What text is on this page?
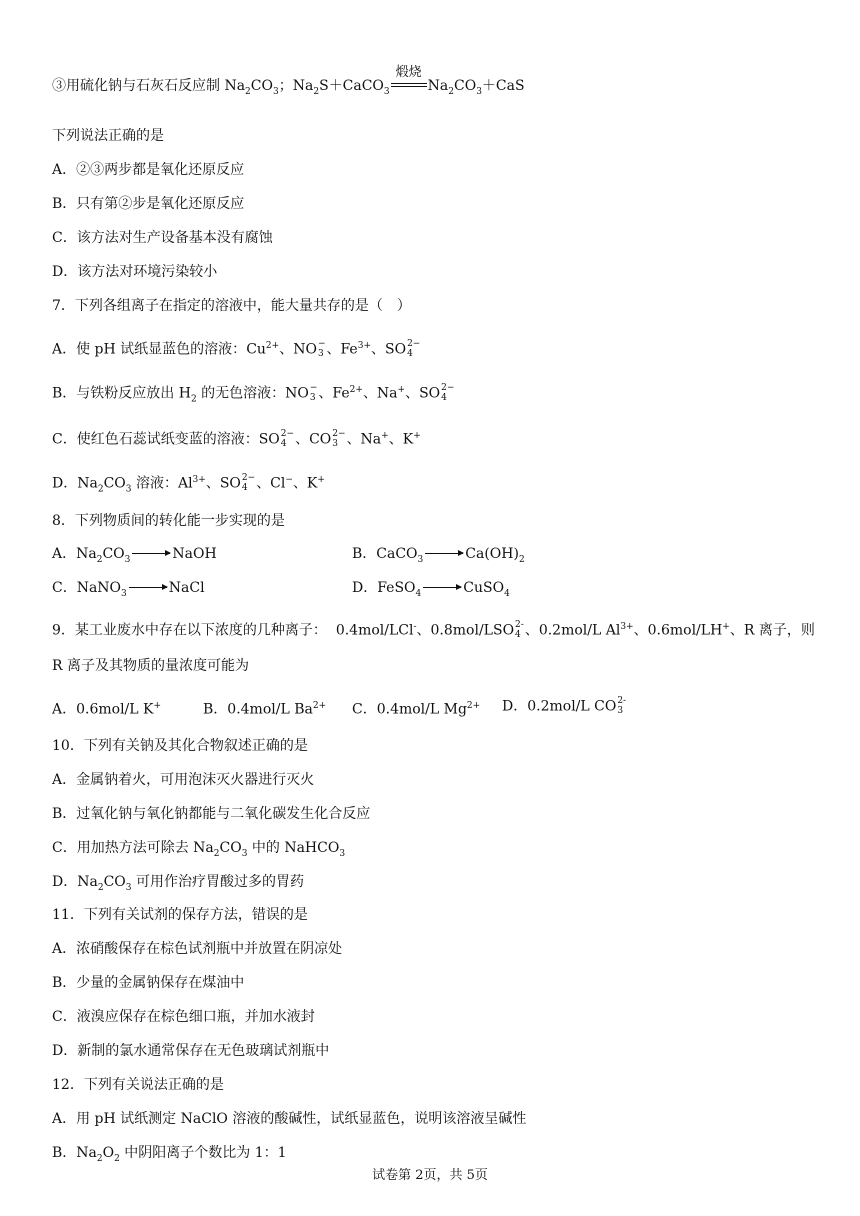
③用硫化钠与石灰石反应制 $Na_2CO_3$；$Na_2S+CaCO_3$
煅烧
$Na_2CO_3+CaS$
下列说法正确的是
A．②③两步都是氧化还原反应
B．只有第②步是氧化还原反应
C．该方法对生产设备基本没有腐蚀
D．该方法对环境污染较小
7．下列各组离子在指定的溶液中，能大量共存的是（　）
A．使 pH 试纸显蓝色的溶液：$Cu^{2+}$、NO −
3 、$Fe^{3+}$、SO 2−
4
B．与铁粉反应放出 $H_2$ 的无色溶液：NO −
3 、$Fe^{2+}$、Na+、SO 2−
4
C．使红色石蕊试纸变蓝的溶液：SO 2−
4 、CO 2−
3 、Na+、K+
D．$Na_2CO_3$ 溶液：$Al^{3+}$、SO 2−
4 、Cl−、K+
8．下列物质间的转化能一步实现的是
A．$Na_2CO_3$	NaOH	B．CaCO$_3$	$Ca(OH)_2$
C．NaNO$_3$	NaCl	D．FeSO$_4$	CuSO$_4$
9．某工业废水中存在以下浓度的几种离子： 0.4mol/LCl-、0.8mol/LSO 2-
4 、0.2mol/L $Al^{3+}$、0.6mol/LH+、R 离子，则
R 离子及其物质的量浓度可能为
A．0.6mol/L K+	B．0.4mol/L $Ba^{2+}$ C．0.4mol/L $Mg^{2+}$ D．0.2mol/L CO 2-
3
10．下列有关钠及其化合物叙述正确的是
A．金属钠着火，可用泡沫灭火器进行灭火
B．过氧化钠与氧化钠都能与二氧化碳发生化合反应
C．用加热方法可除去 $Na_2CO_3$ 中的 NaHCO$_3$
D．$Na_2CO_3$ 可用作治疗胃酸过多的胃药
11．下列有关试剂的保存方法，错误的是
A．浓硝酸保存在棕色试剂瓶中并放置在阴凉处
B．少量的金属钠保存在煤油中
C．液溴应保存在棕色细口瓶，并加水液封
D．新制的氯水通常保存在无色玻璃试剂瓶中
12．下列有关说法正确的是
A．用 pH 试纸测定 NaClO 溶液的酸碱性，试纸显蓝色，说明该溶液呈碱性
B．$Na_2O_2$ 中阴阳离子个数比为 1：1
试卷第 2页，共 5页
